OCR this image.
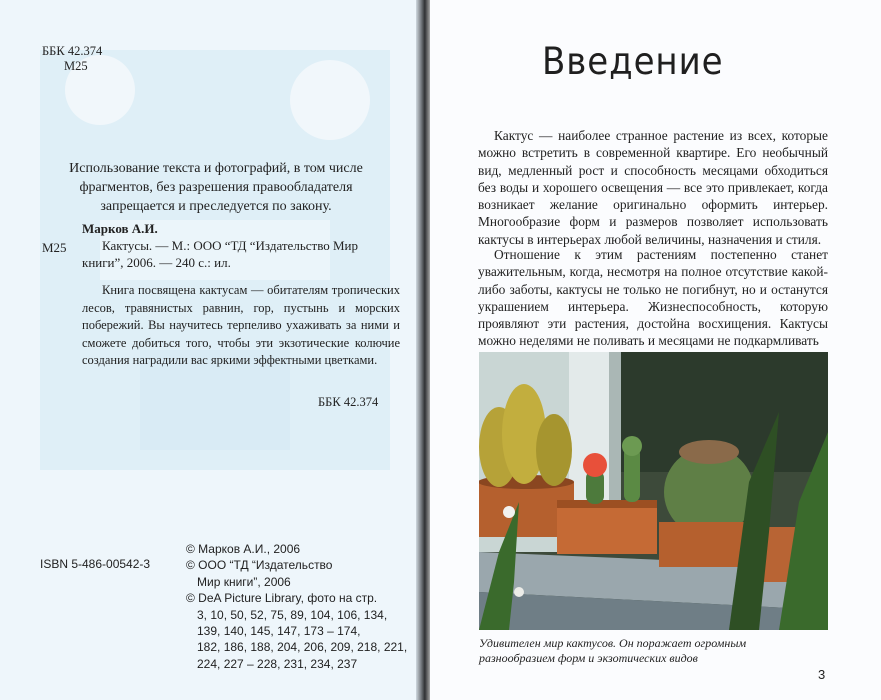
ББК 42.374
М25
Использование текста и фотографий, в том числе фрагментов, без разрешения правообладателя запрещается и преследуется по закону.
Марков А.И.
М25	Кактусы. — М.: ООО “ТД “Издательство Мир книги”, 2006. — 240 с.: ил.

Книга посвящена кактусам — обитателям тропических лесов, травянистых равнин, гор, пустынь и морских побережий. Вы научитесь терпеливо ухаживать за ними и сможете добиться того, чтобы эти экзотические колючие создания наградили вас яркими эффектными цветками.

ББК 42.374
ISBN 5-486-00542-3
© Марков А.И., 2006
© ООО “ТД “Издательство
Мир книги”, 2006
© DeA Picture Library, фото на стр.
3, 10, 50, 52, 75, 89, 104, 106, 134,
139, 140, 145, 147, 173 – 174,
182, 186, 188, 204, 206, 209, 218, 221,
224, 227 – 228, 231, 234, 237
Введение

Кактус — наиболее странное растение из всех, которые можно встретить в современной квартире. Его необычный вид, медленный рост и способность месяцами обходиться без воды и хорошего освещения — все это привлекает, когда возникает желание оригинально оформить интерьер. Многообразие форм и размеров позволяет использовать кактусы в интерьерах любой величины, назначения и стиля.

Отношение к этим растениям постепенно станет уважительным, когда, несмотря на полное отсутствие какой-либо заботы, кактусы не только не погибнут, но и останутся украшением интерьера. Жизнеспособность, которую проявляют эти растения, достойна восхищения. Кактусы можно неделями не поливать и месяцами не подкармливать

Удивителен мир кактусов. Он поражает огромным
разнообразием форм и экзотических видов
3
